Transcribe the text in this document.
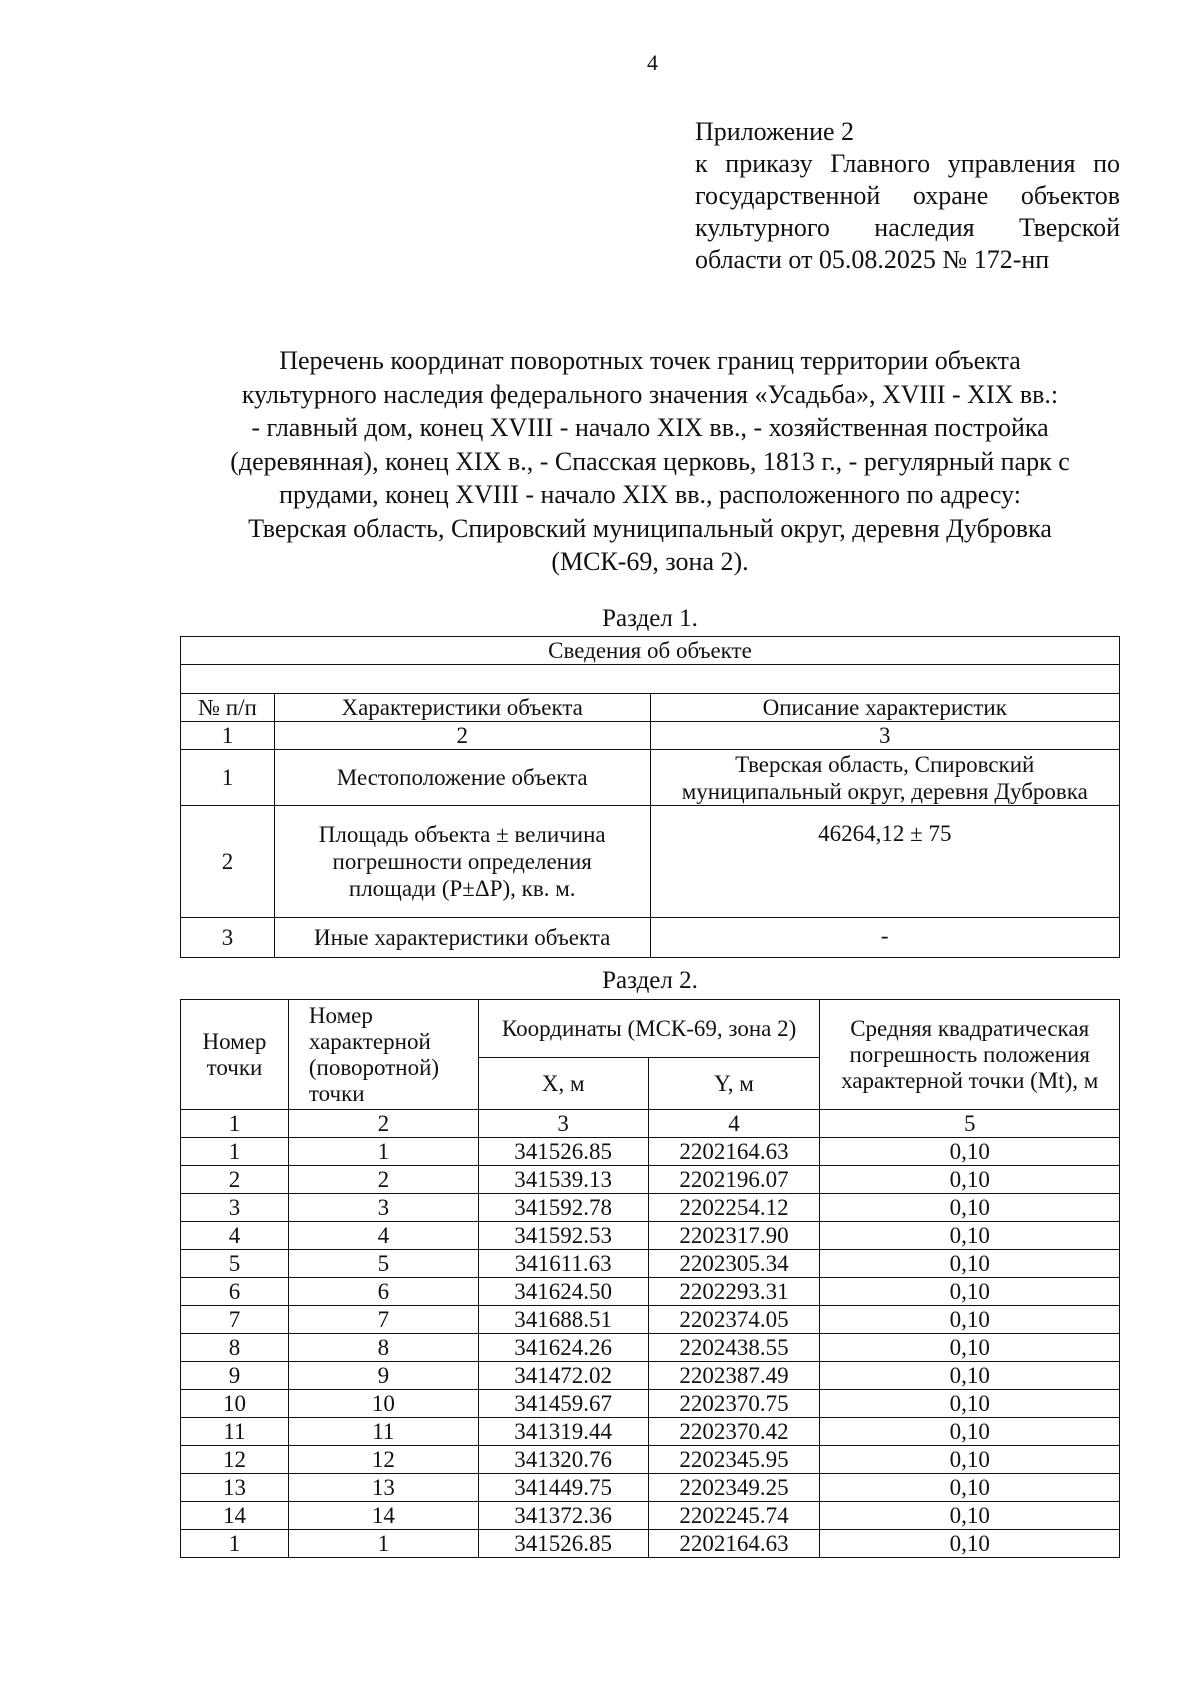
4
Приложение 2
к приказу Главного управления по
государственной охране объектов
культурного наследия Тверской
области от 05.08.2025 № 172-нп
Перечень координат поворотных точек границ территории объекта
культурного наследия федерального значения «Усадьба», XVIII - XIX вв.:
- главный дом, конец XVIII - начало XIX вв., - хозяйственная постройка
(деревянная), конец XIX в., - Спасская церковь, 1813 г., - регулярный парк с
прудами, конец XVIII - начало XIX вв., расположенного по адресу:
Тверская область, Спировский муниципальный округ, деревня Дубровка
(МСК-69, зона 2).
Раздел 1.
Сведения об объекте		

№ п/п	Характеристики объекта	Описание характеристик
1	2	3
1	Местоположение объекта	Тверская область, Спировский муниципальный округ, деревня Дубровка
2	Площадь объекта ± величина погрешности определения площади (P±ΔP), кв. м.	46264,12 ± 75
3	Иные характеристики объекта	-
Раздел 2.
Номер точки	Номер характерной (поворотной) точки	Координаты (МСК-69, зона 2)		Средняя квадратическая погрешность положения характерной точки (Mt), м
		X, м	Y, м	
1	2	3	4	5
1	1	341526.85	2202164.63	0,10
2	2	341539.13	2202196.07	0,10
3	3	341592.78	2202254.12	0,10
4	4	341592.53	2202317.90	0,10
5	5	341611.63	2202305.34	0,10
6	6	341624.50	2202293.31	0,10
7	7	341688.51	2202374.05	0,10
8	8	341624.26	2202438.55	0,10
9	9	341472.02	2202387.49	0,10
10	10	341459.67	2202370.75	0,10
11	11	341319.44	2202370.42	0,10
12	12	341320.76	2202345.95	0,10
13	13	341449.75	2202349.25	0,10
14	14	341372.36	2202245.74	0,10
1	1	341526.85	2202164.63	0,10
